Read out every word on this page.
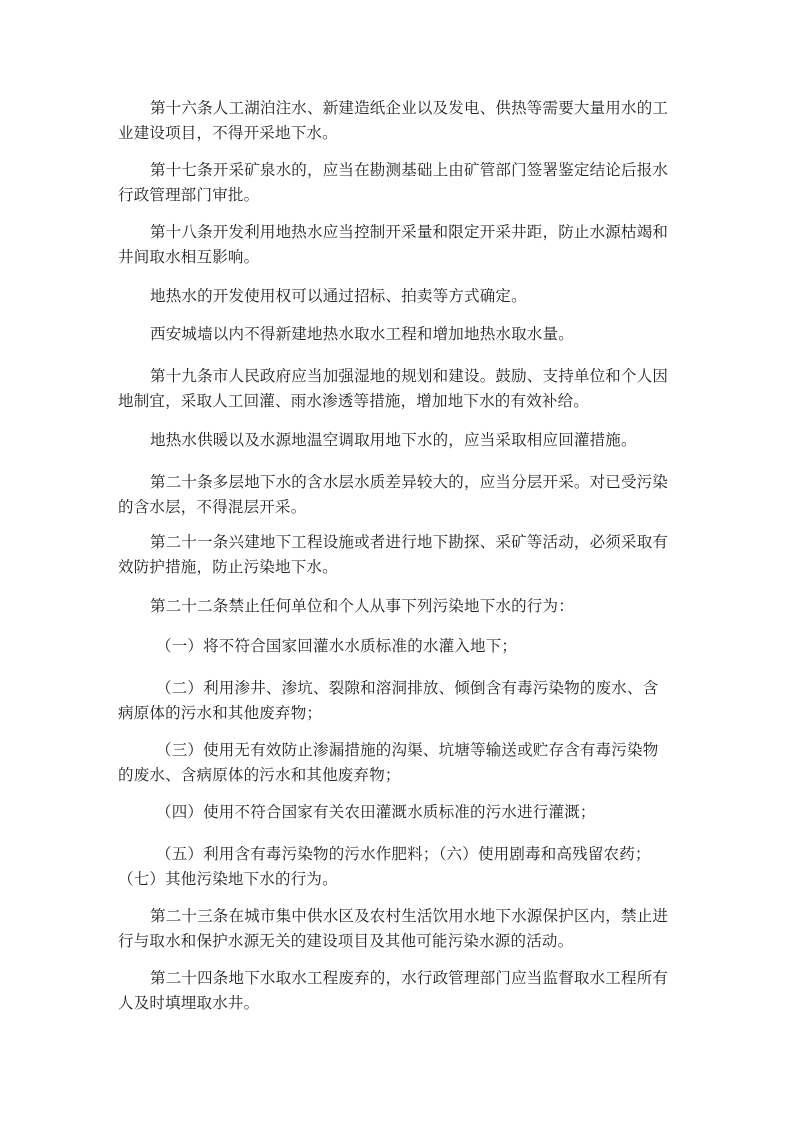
第十六条人工湖泊注水、新建造纸企业以及发电、供热等需要大量用水的工业建设项目，不得开采地下水。

第十七条开采矿泉水的，应当在勘测基础上由矿管部门签署鉴定结论后报水行政管理部门审批。

第十八条开发利用地热水应当控制开采量和限定开采井距，防止水源枯竭和井间取水相互影响。

地热水的开发使用权可以通过招标、拍卖等方式确定。

西安城墙以内不得新建地热水取水工程和增加地热水取水量。

第十九条市人民政府应当加强湿地的规划和建设。鼓励、支持单位和个人因地制宜，采取人工回灌、雨水渗透等措施，增加地下水的有效补给。

地热水供暖以及水源地温空调取用地下水的，应当采取相应回灌措施。

第二十条多层地下水的含水层水质差异较大的，应当分层开采。对已受污染的含水层，不得混层开采。

第二十一条兴建地下工程设施或者进行地下勘探、采矿等活动，必须采取有效防护措施，防止污染地下水。

第二十二条禁止任何单位和个人从事下列污染地下水的行为：

（一）将不符合国家回灌水水质标准的水灌入地下；

（二）利用渗井、渗坑、裂隙和溶洞排放、倾倒含有毒污染物的废水、含病原体的污水和其他废弃物；

（三）使用无有效防止渗漏措施的沟渠、坑塘等输送或贮存含有毒污染物的废水、含病原体的污水和其他废弃物；

（四）使用不符合国家有关农田灌溉水质标准的污水进行灌溉；

（五）利用含有毒污染物的污水作肥料；（六）使用剧毒和高残留农药；（七）其他污染地下水的行为。

第二十三条在城市集中供水区及农村生活饮用水地下水源保护区内，禁止进行与取水和保护水源无关的建设项目及其他可能污染水源的活动。

第二十四条地下水取水工程废弃的，水行政管理部门应当监督取水工程所有人及时填埋取水井。
